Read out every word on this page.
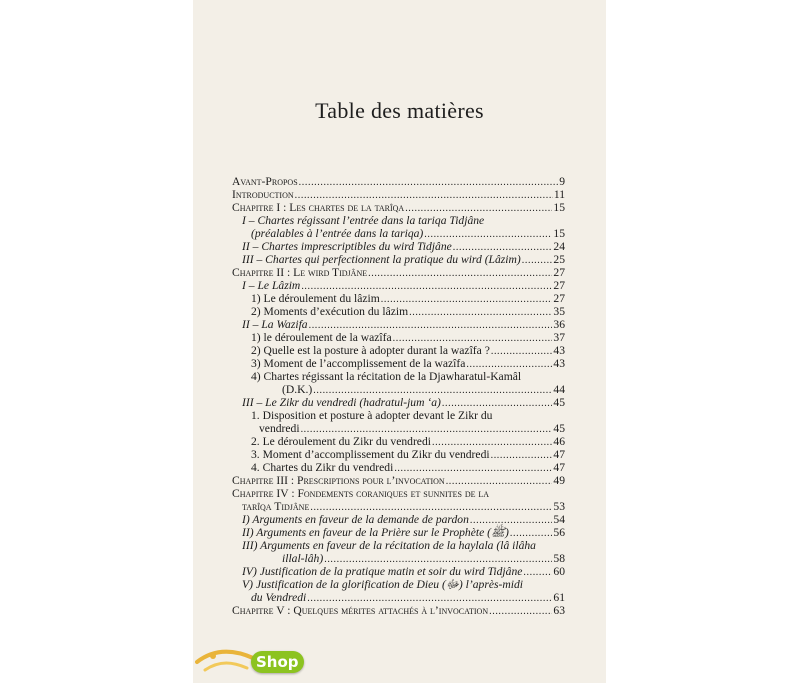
Table des matières
Avant-Propos .....	9
Introduction .....	11
Chapitre I : Les chartes de la tarîqa .....	15
I – Chartes régissant l’entrée dans la tariqa Tidjâne
(préalables à l’entrée dans la tariqa) .....	15
II – Chartes imprescriptibles du wird Tidjâne .....	24
III – Chartes qui perfectionnent la pratique du wird (Lâzim) .....	25
Chapitre II : Le wird Tidjâne .....	27
I – Le Lâzim .....	27
1) Le déroulement du lâzim .....	27
2) Moments d’exécution du lâzim .....	35
II – La Wazifa .....	36
1) le déroulement de la wazîfa .....	37
2) Quelle est la posture à adopter durant la wazîfa ? .....	43
3) Moment de l’accomplissement de la wazîfa .....	43
4) Chartes régissant la récitation de la Djawharatul-Kamâl
(D.K.) .....	44
III – Le Zikr du vendredi (hadratul-jum ‘a) .....	45
1. Disposition et posture à adopter devant le Zikr du
vendredi .....	45
2. Le déroulement du Zikr du vendredi .....	46
3. Moment d’accomplissement du Zikr du vendredi .....	47
4. Chartes du Zikr du vendredi .....	47
Chapitre III : Prescriptions pour l’invocation .....	49
Chapitre IV : Fondements coraniques et sunnites de la
tarîqa Tidjâne .....	53
I) Arguments en faveur de la demande de pardon .....	54
II) Arguments en faveur de la Prière sur le Prophète (ﷺ) .....	56
III) Arguments en faveur de la récitation de la haylala (lâ ilâha
illal-lâh) .....	58
IV) Justification de la pratique matin et soir du wird Tidjâne .....	60
V) Justification de la glorification de Dieu (ﷻ) l’après-midi
du Vendredi .....	61
Chapitre V : Quelques mérites attachés à l’invocation .....	63
Shop
